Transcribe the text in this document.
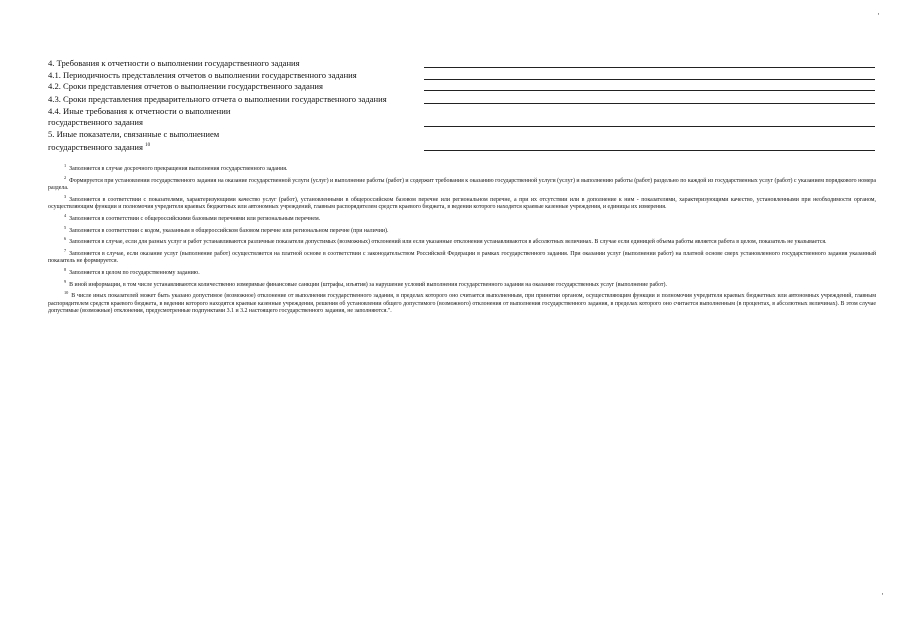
·
·
4. Требования к отчетности о выполнении государственного задания
4.1. Периодичность представления отчетов о выполнении государственного задания
4.2. Сроки представления отчетов о выполнении государственного задания
4.3. Сроки представления предварительного отчета о выполнении государственного задания
4.4. Иные требования к отчетности о выполнении
государственного задания
5. Иные показатели, связанные с выполнением
государственного задания $^{10}$

$^1$Заполняется в случае досрочного прекращения выполнения государственного задания.

$^2$Формируется при установлении государственного задания на оказание государственной услуги (услуг) и выполнение работы (работ) и содержит требования к оказанию государственной услуги (услуг) и выполнению работы (работ) раздельно по каждой из государственных услуг (работ) с указанием порядкового номера раздела.

$^3$Заполняется в соответствии с показателями, характеризующими качество услуг (работ), установленными в общероссийском базовом перечне или региональном перечне, а при их отсутствии или в дополнение к ним - показателями, характеризующими качество, установленными при необходимости органом, осуществляющим функции и полномочия учредителя краевых бюджетных или автономных учреждений, главным распорядителем средств краевого бюджета, в ведении которого находятся краевые казенные учреждения, и единицы их измерения.

$^4$Заполняется в соответствии с общероссийскими базовыми перечнями или региональным перечнем.

$^5$Заполняется в соответствии с кодом, указанным в общероссийском базовом перечне или региональном перечне (при наличии).

$^6$Заполняется в случае, если для разных услуг и работ устанавливаются различные показатели допустимых (возможных) отклонений или если указанные отклонения устанавливаются в абсолютных величинах. В случае если единицей объема работы является работа в целом, показатель не указывается.

$^7$Заполняется в случае, если оказание услуг (выполнение работ) осуществляется на платной основе в соответствии с законодательством Российской Федерации в рамках государственного задания. При оказании услуг (выполнении работ) на платной основе сверх установленного государственного задания указанный показатель не формируется.

$^8$Заполняется в целом по государственному заданию.

$^9$В иной информации, в том числе устанавливаются количественно измеримые финансовые санкции (штрафы, изъятия) за нарушение условий выполнения государственного задания на оказание государственных услуг (выполнение работ).

$^{10}$В числе иных показателей может быть указано допустимое (возможное) отклонение от выполнения государственного задания, в пределах которого оно считается выполненным, при принятии органом, осуществляющим функции и полномочия учредителя краевых бюджетных или автономных учреждений, главным распорядителем средств краевого бюджета, в ведении которого находятся краевые казенные учреждения, решения об установлении общего допустимого (возможного) отклонения от выполнения государственного задания, в пределах которого оно считается выполненным (в процентах, в абсолютных величинах). В этом случае допустимые (возможные) отклонения, предусмотренные подпунктами 3.1 и 3.2 настоящего государственного задания, не заполняются.".
